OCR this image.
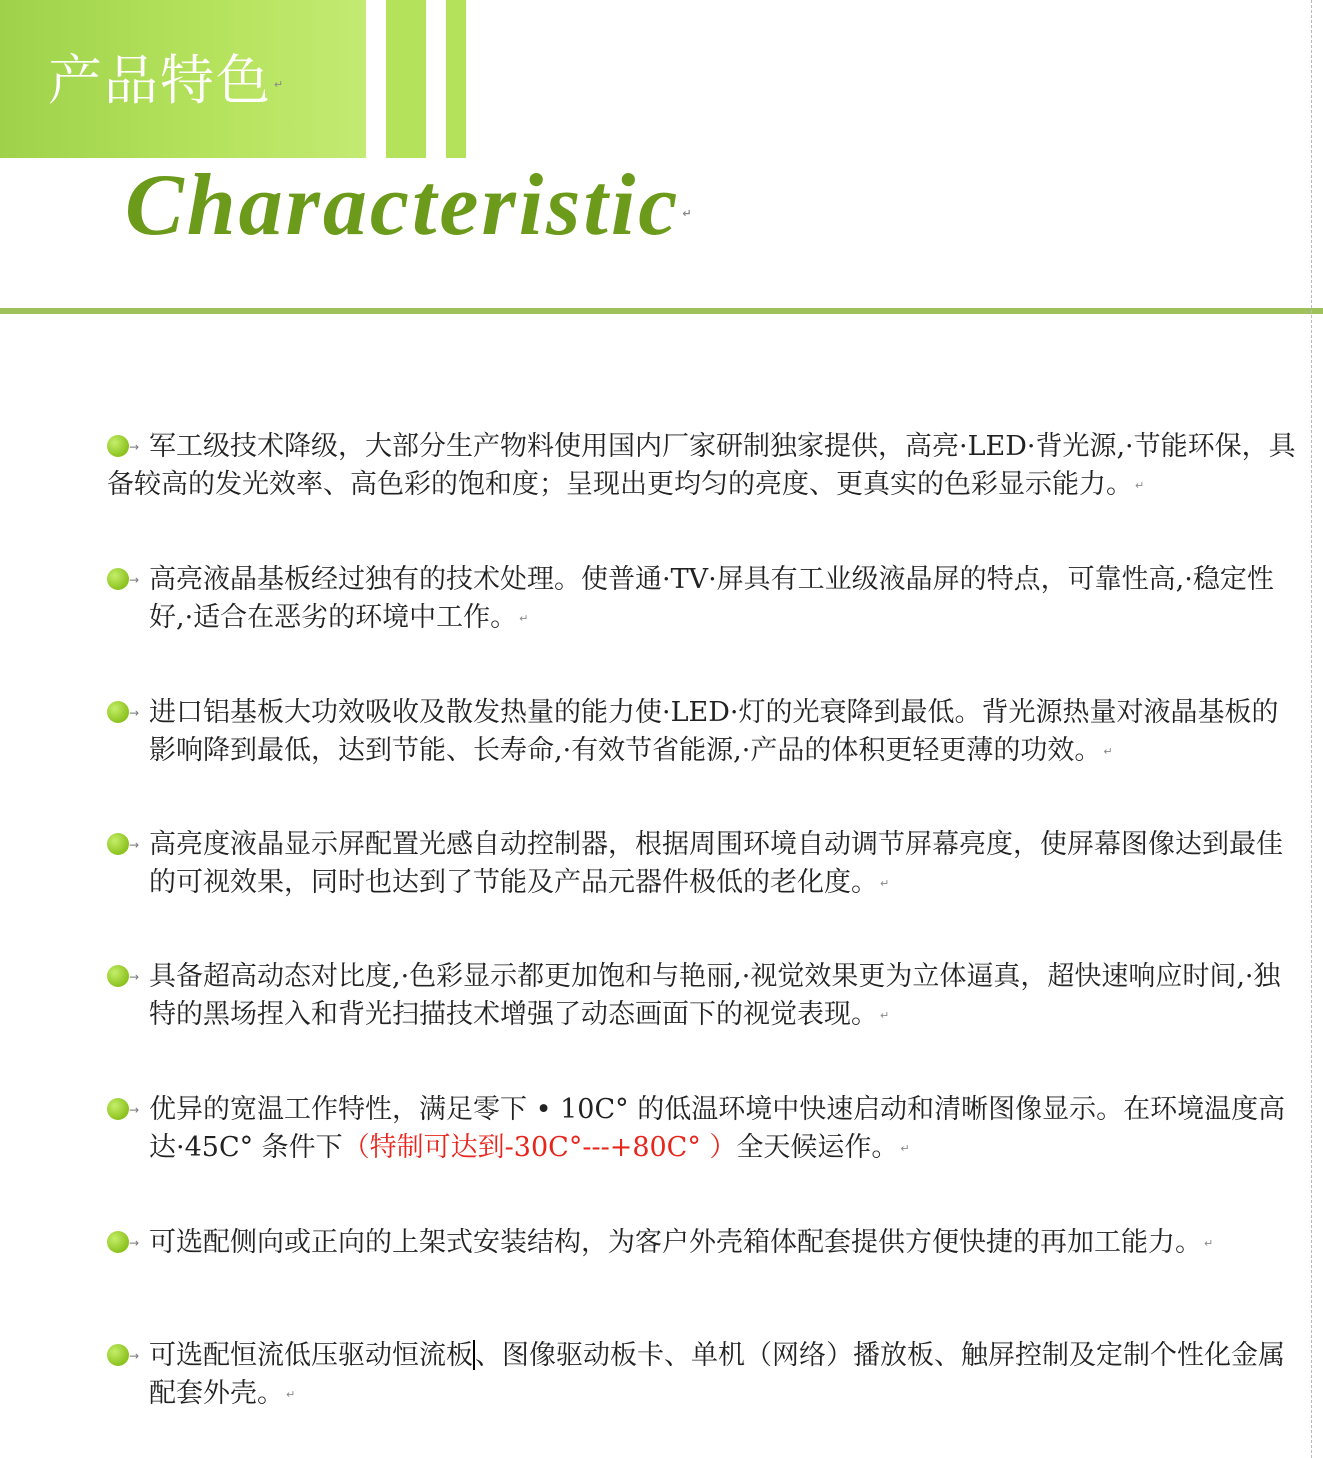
产品特色 ↵
Characteristic ↵

→ 军工级技术降级，大部分生产物料使用国内厂家研制独家提供，高亮·LED·背光源,·节能环保，具备较高的发光效率、高色彩的饱和度；呈现出更均匀的亮度、更真实的色彩显示能力。 ↵

→ 高亮液晶基板经过独有的技术处理。使普通·TV·屏具有工业级液晶屏的特点，可靠性高,·稳定性好,·适合在恶劣的环境中工作。 ↵

→ 进口铝基板大功效吸收及散发热量的能力使·LED·灯的光衰降到最低。背光源热量对液晶基板的影响降到最低，达到节能、长寿命,·有效节省能源,·产品的体积更轻更薄的功效。 ↵

→ 高亮度液晶显示屏配置光感自动控制器，根据周围环境自动调节屏幕亮度，使屏幕图像达到最佳的可视效果，同时也达到了节能及产品元器件极低的老化度。 ↵

→ 具备超高动态对比度,·色彩显示都更加饱和与艳丽,·视觉效果更为立体逼真，超快速响应时间,·独特的黑场捏入和背光扫描技术增强了动态画面下的视觉表现。 ↵

→ 优异的宽温工作特性，满足零下 • 10C° 的低温环境中快速启动和清晰图像显示。在环境温度高达·45C° 条件下（特制可达到-30C°---+80C° ）全天候运作。 ↵

→ 可选配侧向或正向的上架式安装结构，为客户外壳箱体配套提供方便快捷的再加工能力。 ↵

→ 可选配恒流低压驱动恒流板、图像驱动板卡、单机（网络）播放板、触屏控制及定制个性化金属配套外壳。 ↵
